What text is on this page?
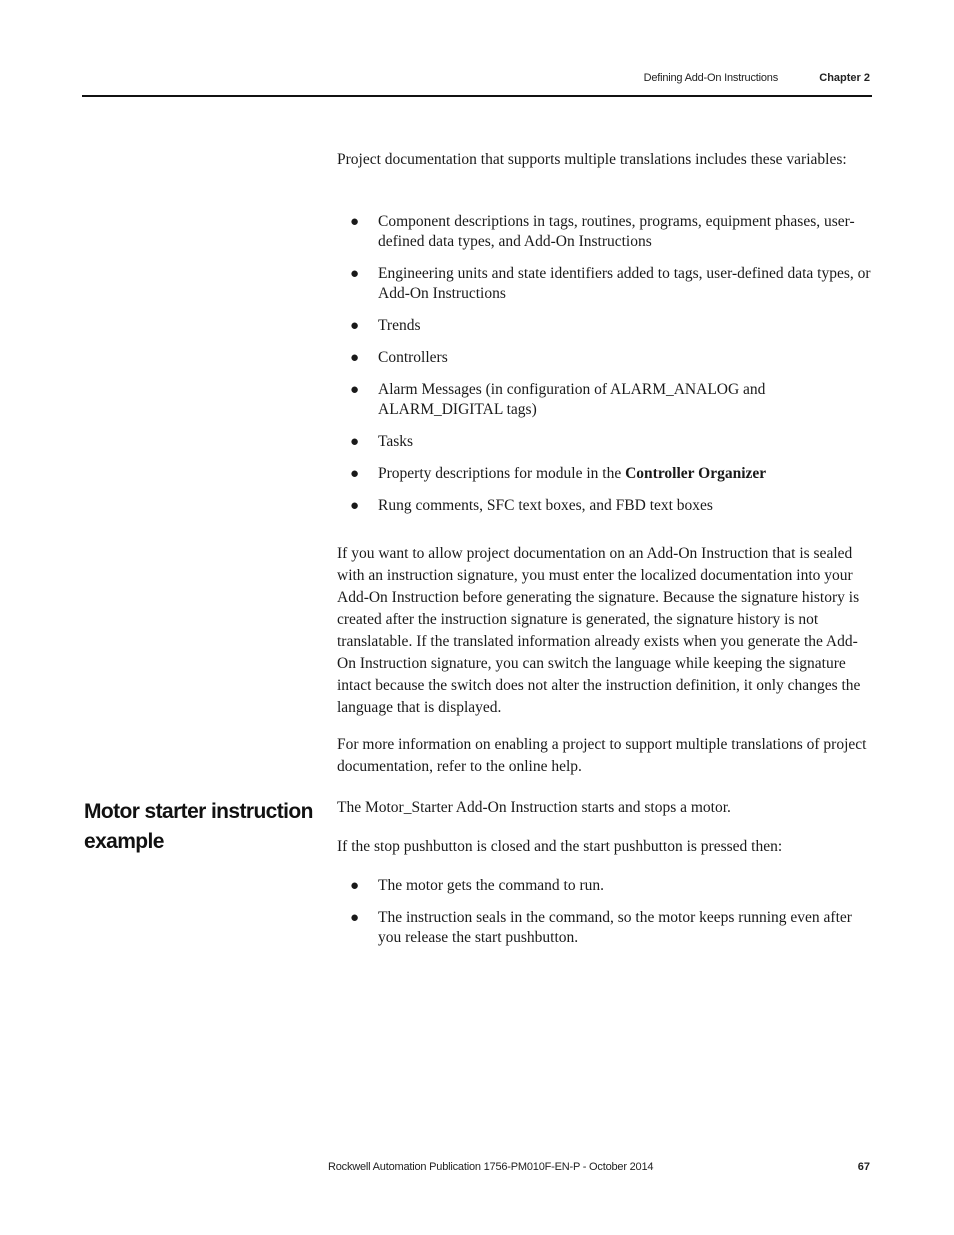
Defining Add-On Instructions	Chapter 2

Project documentation that supports multiple translations includes these variables:

● Component descriptions in tags, routines, programs, equipment phases, user-defined data types, and Add-On Instructions
● Engineering units and state identifiers added to tags, user-defined data types, or Add-On Instructions
● Trends
● Controllers
● Alarm Messages (in configuration of ALARM_ANALOG and ALARM_DIGITAL tags)
● Tasks
● Property descriptions for module in the Controller Organizer
● Rung comments, SFC text boxes, and FBD text boxes

If you want to allow project documentation on an Add-On Instruction that is sealed with an instruction signature, you must enter the localized documentation into your Add-On Instruction before generating the signature. Because the signature history is created after the instruction signature is generated, the signature history is not translatable. If the translated information already exists when you generate the Add-On Instruction signature, you can switch the language while keeping the signature intact because the switch does not alter the instruction definition, it only changes the language that is displayed.

For more information on enabling a project to support multiple translations of project documentation, refer to the online help.

Motor starter instruction example

The Motor_Starter Add-On Instruction starts and stops a motor.

If the stop pushbutton is closed and the start pushbutton is pressed then:

● The motor gets the command to run.
● The instruction seals in the command, so the motor keeps running even after you release the start pushbutton.
Rockwell Automation Publication 1756-PM010F-EN-P - October 2014	67
